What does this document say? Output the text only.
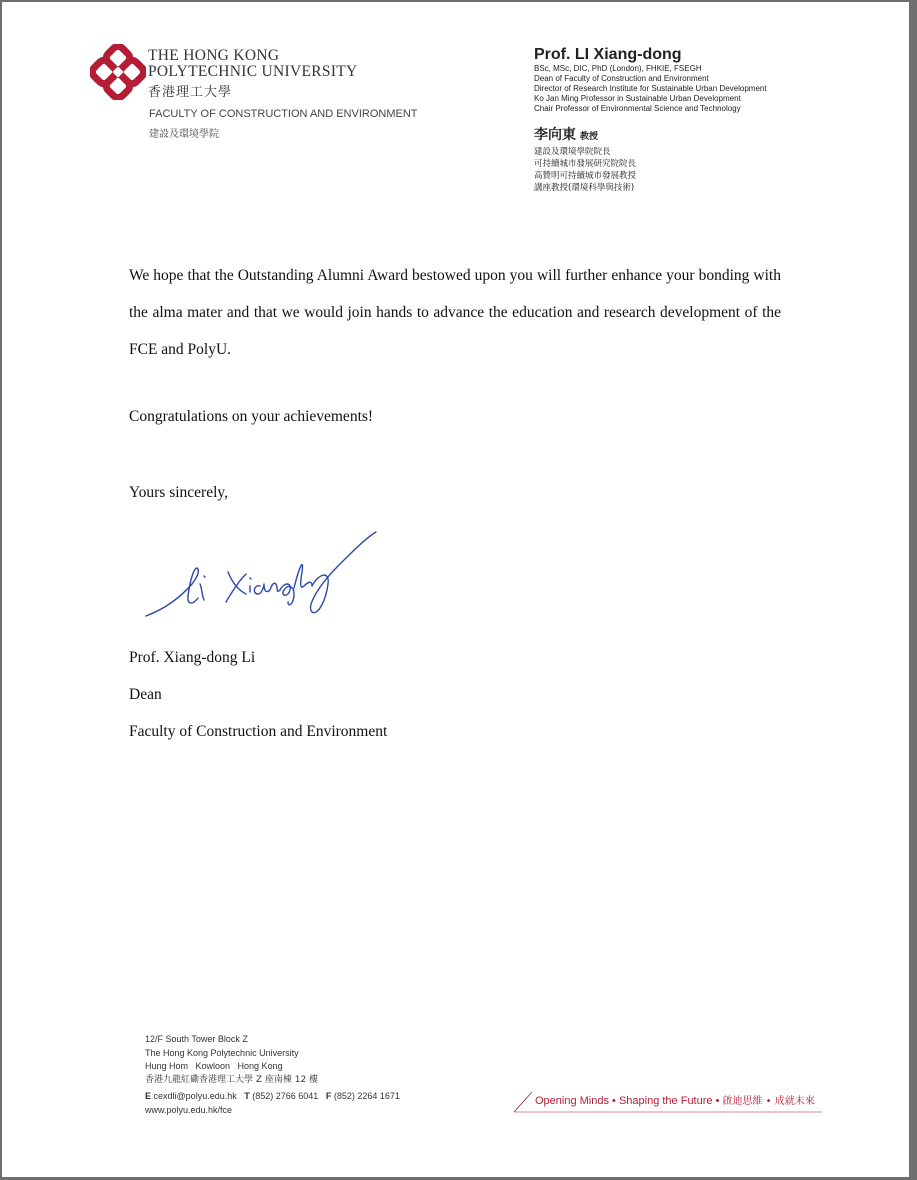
THE HONG KONG
POLYTECHNIC UNIVERSITY
香港理工大學
FACULTY OF CONSTRUCTION AND ENVIRONMENT
建設及環境學院
Prof. LI Xiang-dong
BSc, MSc, DIC, PhD (London), FHKIE, FSEGH
Dean of Faculty of Construction and Environment
Director of Research Institute for Sustainable Urban Development
Ko Jan Ming Professor in Sustainable Urban Development
Chair Professor of Environmental Science and Technology
李向東 教授
建設及環境學院院長
可持續城市發展研究院院長
高贊明可持續城市發展教授
講座教授(環境科學與技術)
We hope that the Outstanding Alumni Award bestowed upon you will further enhance your bonding with the alma mater and that we would join hands to advance the education and research development of the FCE and PolyU.
Congratulations on your achievements!
Yours sincerely,
Prof. Xiang-dong Li
Dean
Faculty of Construction and Environment
12/F South Tower Block Z
The Hong Kong Polytechnic University
Hung Hom   Kowloon   Hong Kong
香港九龍紅磡香港理工大學 Z 座南棟 12 樓
E cexdli@polyu.edu.hk T (852) 2766 6041 F (852) 2264 1671
www.polyu.edu.hk/fce
Opening Minds • Shaping the Future • 啟迪思維 • 成就未來
